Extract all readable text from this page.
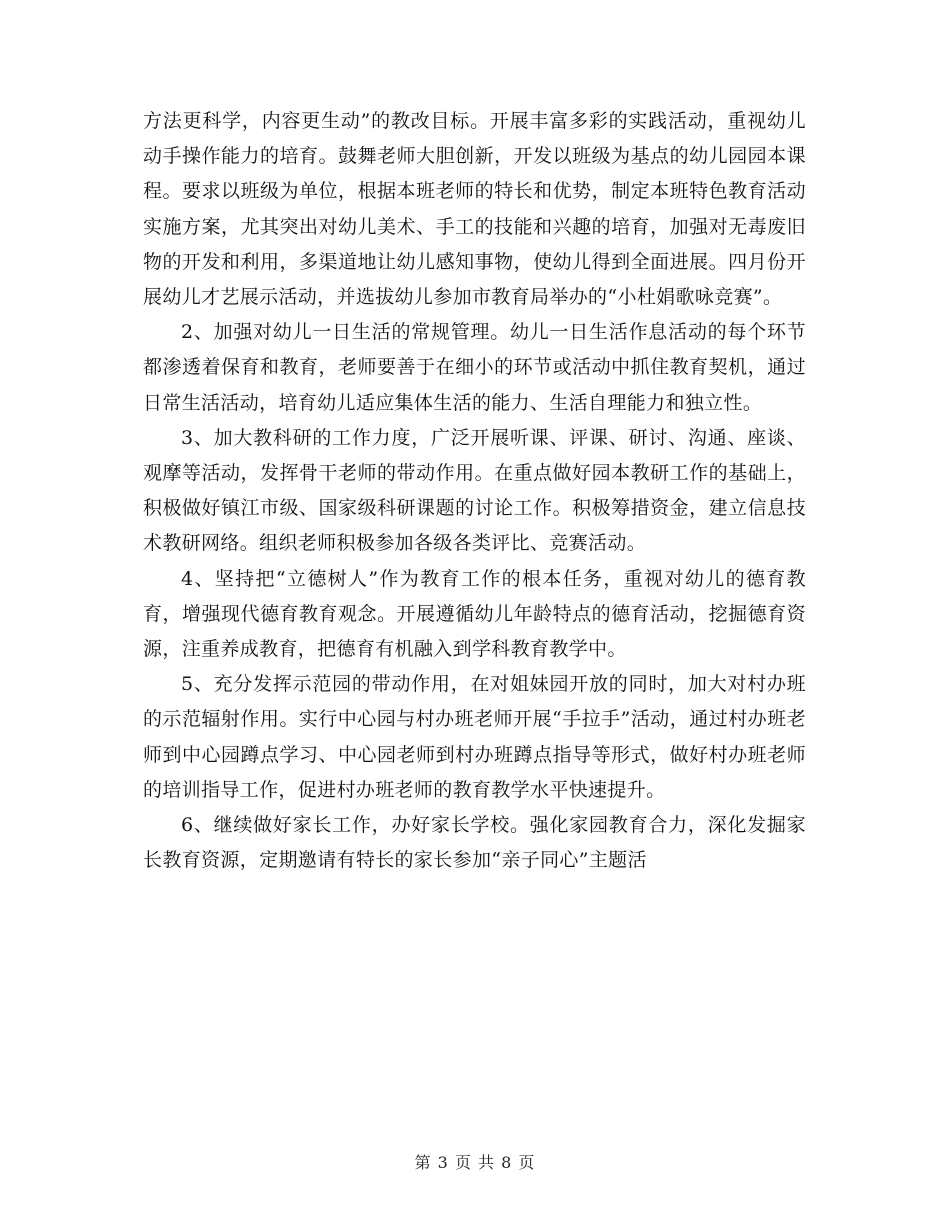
方法更科学，内容更生动”的教改目标。开展丰富多彩的实践活动，重视幼儿动手操作能力的培育。鼓舞老师大胆创新，开发以班级为基点的幼儿园园本课程。要求以班级为单位，根据本班老师的特长和优势，制定本班特色教育活动实施方案，尤其突出对幼儿美术、手工的技能和兴趣的培育，加强对无毒废旧物的开发和利用，多渠道地让幼儿感知事物，使幼儿得到全面进展。四月份开展幼儿才艺展示活动，并选拔幼儿参加市教育局举办的“小杜娟歌咏竞赛”。

2、加强对幼儿一日生活的常规管理。幼儿一日生活作息活动的每个环节都渗透着保育和教育，老师要善于在细小的环节或活动中抓住教育契机，通过日常生活活动，培育幼儿适应集体生活的能力、生活自理能力和独立性。

3、加大教科研的工作力度，广泛开展听课、评课、研讨、沟通、座谈、观摩等活动，发挥骨干老师的带动作用。在重点做好园本教研工作的基础上，积极做好镇江市级、国家级科研课题的讨论工作。积极筹措资金，建立信息技术教研网络。组织老师积极参加各级各类评比、竞赛活动。

4、坚持把“立德树人”作为教育工作的根本任务，重视对幼儿的德育教育，增强现代德育教育观念。开展遵循幼儿年龄特点的德育活动，挖掘德育资源，注重养成教育，把德育有机融入到学科教育教学中。

5、充分发挥示范园的带动作用，在对姐妹园开放的同时，加大对村办班的示范辐射作用。实行中心园与村办班老师开展“手拉手”活动，通过村办班老师到中心园蹲点学习、中心园老师到村办班蹲点指导等形式，做好村办班老师的培训指导工作，促进村办班老师的教育教学水平快速提升。

6、继续做好家长工作，办好家长学校。强化家园教育合力，深化发掘家长教育资源，定期邀请有特长的家长参加“亲子同心”主题活

第 3 页 共 8 页
